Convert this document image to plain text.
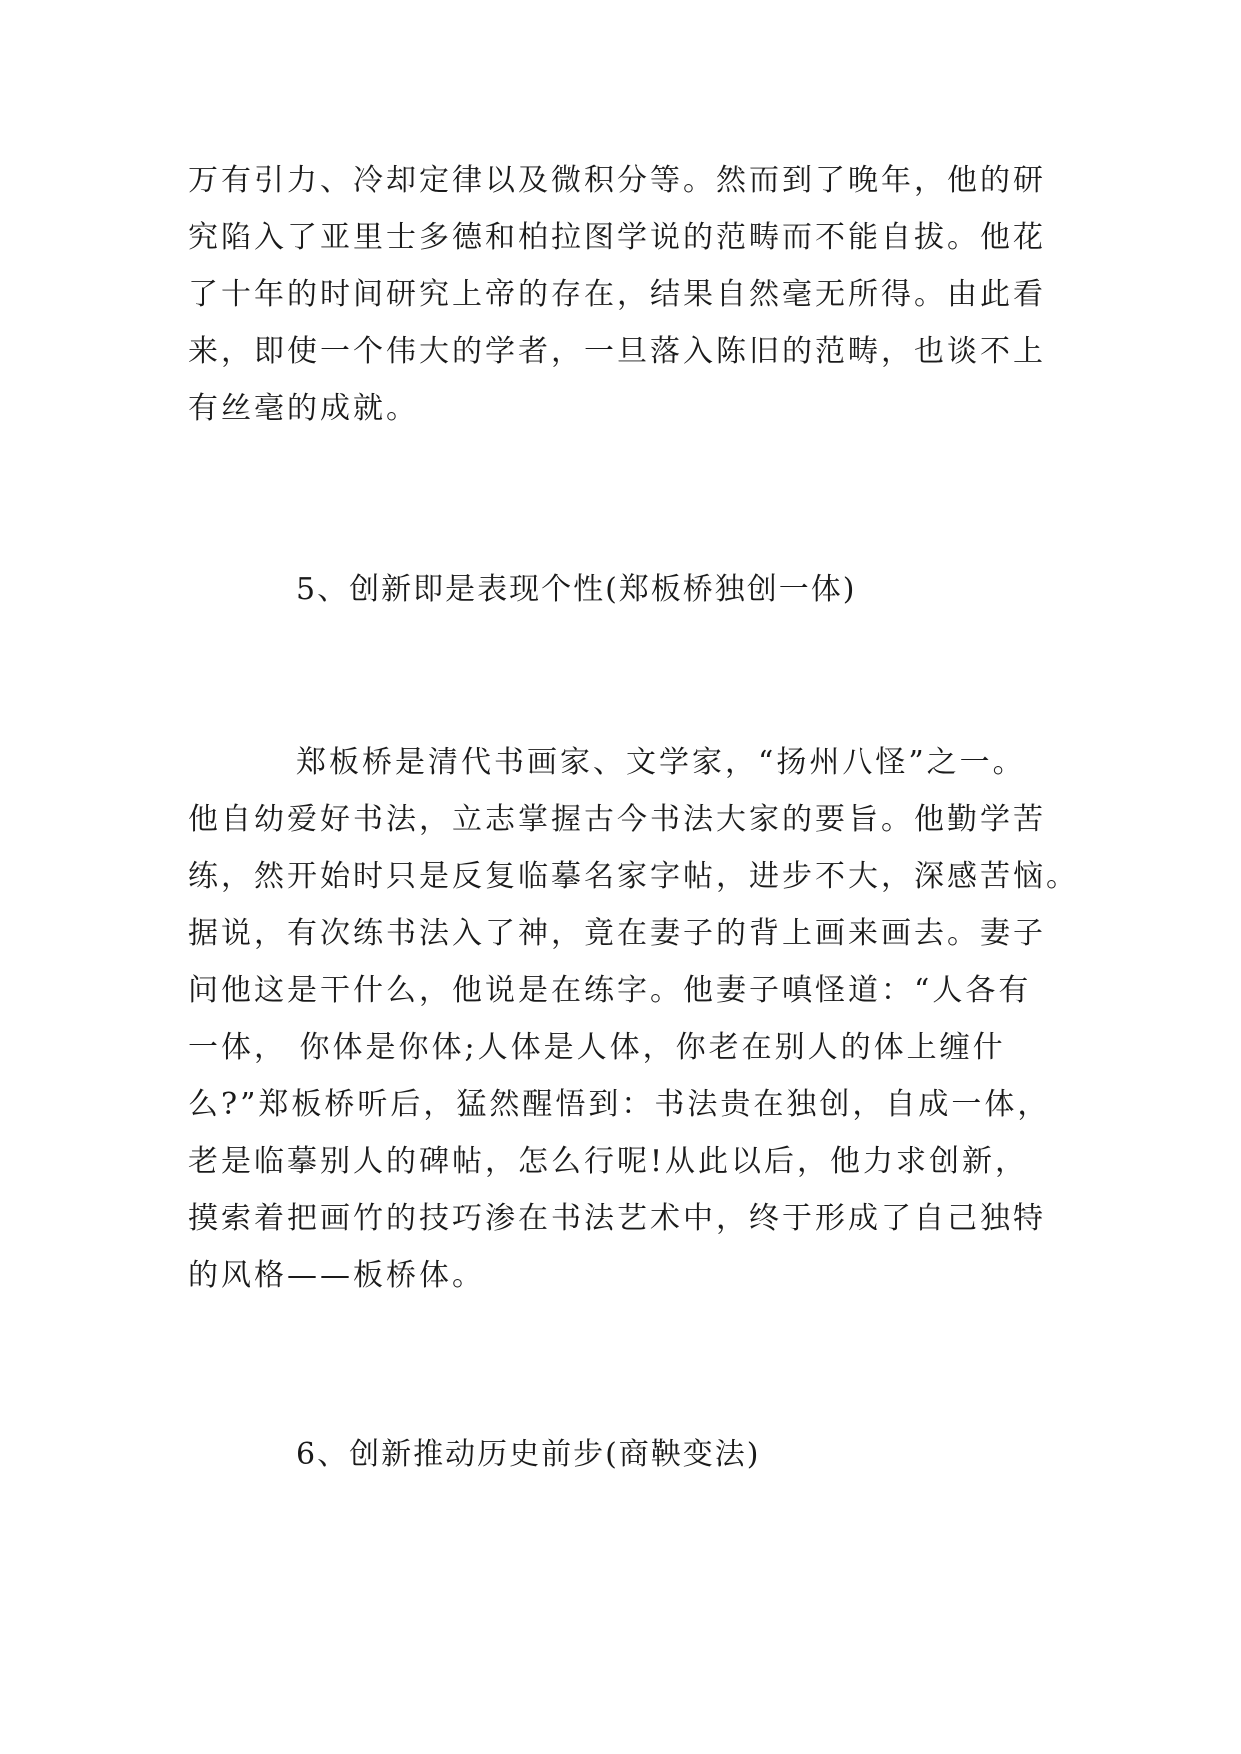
万有引力、冷却定律以及微积分等。然而到了晚年，他的研
究陷入了亚里士多德和柏拉图学说的范畴而不能自拔。他花
了十年的时间研究上帝的存在，结果自然毫无所得。由此看
来，即使一个伟大的学者，一旦落入陈旧的范畴，也谈不上
有丝毫的成就。
5、创新即是表现个性(郑板桥独创一体)
郑板桥是清代书画家、文学家，“扬州八怪”之一。
他自幼爱好书法，立志掌握古今书法大家的要旨。他勤学苦
练，然开始时只是反复临摹名家字帖，进步不大，深感苦恼。
据说，有次练书法入了神，竟在妻子的背上画来画去。妻子
问他这是干什么，他说是在练字。他妻子嗔怪道：“人各有
一体， 你体是你体;人体是人体，你老在别人的体上缠什
么?”郑板桥听后，猛然醒悟到：书法贵在独创，自成一体，
老是临摹别人的碑帖，怎么行呢!从此以后，他力求创新，
摸索着把画竹的技巧渗在书法艺术中，终于形成了自己独特
的风格——板桥体。
6、创新推动历史前步(商鞅变法)
